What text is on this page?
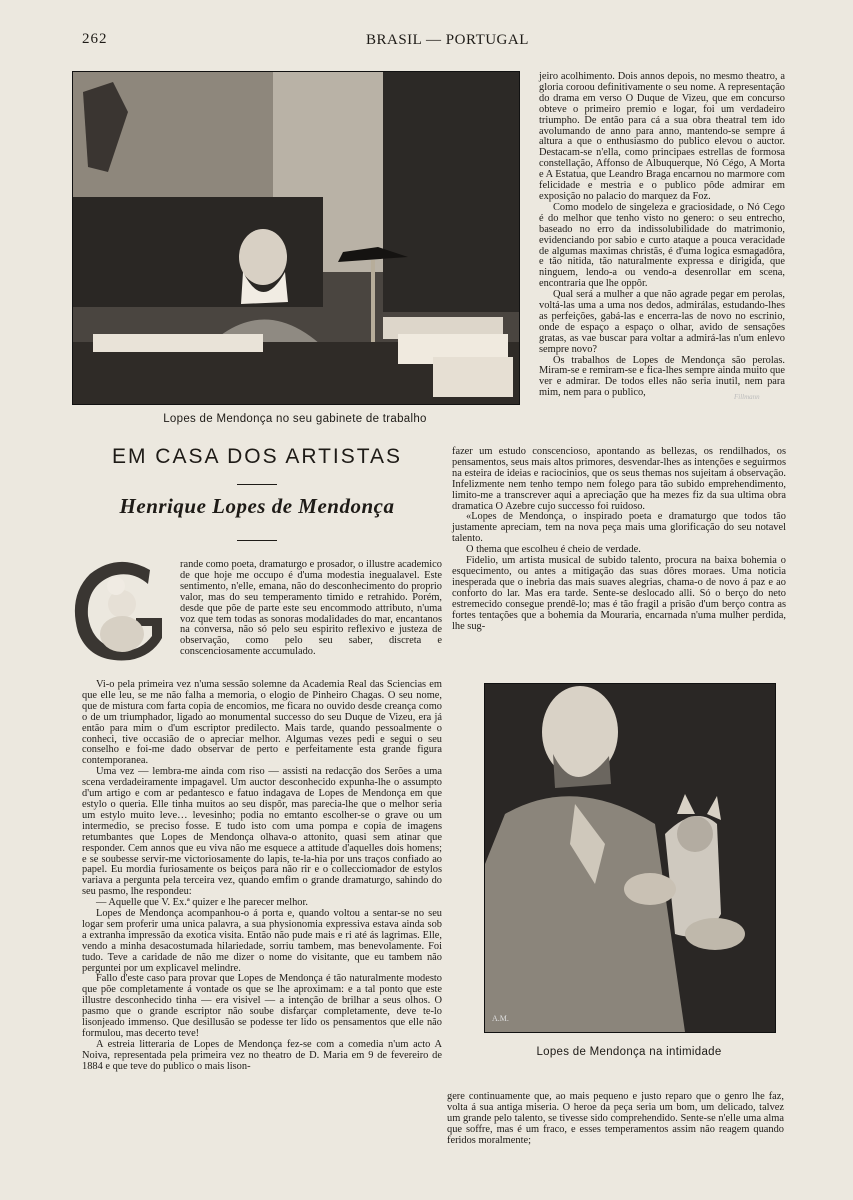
262	BRASIL — PORTUGAL
Fillmann
Lopes de Mendonça no seu gabinete de trabalho
EM CASA DOS ARTISTAS
Henrique Lopes de Mendonça

rande como poeta, dramaturgo e prosador, o illustre academico de que hoje me occupo é d'uma modestia inegualavel. Este sentimento, n'elle, emana, não do desconhecimento do proprio valor, mas do seu temperamento timido e retrahido. Porém, desde que põe de parte este seu encommodo attributo, n'uma voz que tem todas as sonoras modalidades do mar, encantanos na conversa, não só pelo seu espirito reflexivo e justeza de observação, como pelo seu saber, discreta e conscenciosamente accumulado.

Vi-o pela primeira vez n'uma sessão solemne da Academia Real das Sciencias em que elle leu, se me não falha a memoria, o elogio de Pinheiro Chagas. O seu nome, que de mistura com farta copia de encomios, me ficara no ouvido desde creança como o de um triumphador, ligado ao monumental successo do seu Duque de Vizeu, era já então para mim o d'um escriptor predilecto. Mais tarde, quando pessoalmente o conheci, tive occasião de o apreciar melhor. Algumas vezes pedi e segui o seu conselho e foi-me dado observar de perto e perfeitamente esta grande figura contemporanea.

Uma vez — lembra-me ainda com riso — assisti na redacção dos Serões a uma scena verdadeiramente impagavel. Um auctor desconhecido expunha-lhe o assumpto d'um artigo e com ar pedantesco e fatuo indagava de Lopes de Mendonça em que estylo o queria. Elle tinha muitos ao seu dispôr, mas parecia-lhe que o melhor seria um estylo muito leve… levesinho; podia no emtanto escolher-se o grave ou um intermedio, se preciso fosse. E tudo isto com uma pompa e copia de imagens retumbantes que Lopes de Mendonça olhava-o attonito, quasi sem atinar que responder. Cem annos que eu viva não me esquece a attitude d'aquelles dois homens; e se soubesse servir-me victoriosamente do lapis, te-la-hia por uns traços confiado ao papel. Eu mordia furiosamente os beiços para não rir e o collecciomador de estylos variava a pergunta pela terceira vez, quando emfim o grande dramaturgo, sahindo do seu pasmo, lhe respondeu:

— Aquelle que V. Ex.ª quizer e lhe parecer melhor.

Lopes de Mendonça acompanhou-o á porta e, quando voltou a sentar-se no seu logar sem proferir uma unica palavra, a sua physionomia expressiva estava ainda sob a extranha impressão da exotica visita. Então não pude mais e ri até ás lagrimas. Elle, vendo a minha desacostumada hilariedade, sorriu tambem, mas benevolamente. Foi tudo. Teve a caridade de não me dizer o nome do visitante, que eu tambem não perguntei por um explicavel melindre.

Fallo d'este caso para provar que Lopes de Mendonça é tão naturalmente modesto que põe completamente á vontade os que se lhe aproximam: e a tal ponto que este illustre desconhecido tinha — era visivel — a intenção de brilhar a seus olhos. O pasmo que o grande escriptor não soube disfarçar completamente, deve te-lo lisonjeado immenso. Que desillusão se podesse ter lido os pensamentos que elle não formulou, mas decerto teve!

A estreia litteraria de Lopes de Mendonça fez-se com a comedia n'um acto A Noiva, representada pela primeira vez no theatro de D. Maria em 9 de fevereiro de 1884 e que teve do publico o mais lison-

jeiro acolhimento. Dois annos depois, no mesmo theatro, a gloria coroou definitivamente o seu nome. A representação do drama em verso O Duque de Vizeu, que em concurso obteve o primeiro premio e logar, foi um verdadeiro triumpho. De então para cá a sua obra theatral tem ido avolumando de anno para anno, mantendo-se sempre á altura a que o enthusiasmo do publico elevou o auctor. Destacam-se n'ella, como principaes estrellas de formosa constellação, Affonso de Albuquerque, Nó Cégo, A Morta e A Estatua, que Leandro Braga encarnou no marmore com felicidade e mestria e o publico pôde admirar em exposição no palacio do marquez da Foz.

Como modelo de singeleza e graciosidade, o Nó Cego é do melhor que tenho visto no genero: o seu entrecho, baseado no erro da indissolubilidade do matrimonio, evidenciando por sabio e curto ataque a pouca veracidade de algumas maximas christãs, é d'uma logica esmagadôra, e tão nitida, tão naturalmente expressa e dirigida, que ninguem, lendo-a ou vendo-a desenrollar em scena, encontraria que lhe oppôr.

Qual será a mulher a que não agrade pegar em perolas, voltá-las uma a uma nos dedos, admirálas, estudando-lhes as perfeições, gabá-las e encerra-las de novo no escrinio, onde de espaço a espaço o olhar, avido de sensações gratas, as vae buscar para voltar a admirá-las n'um enlevo sempre novo?

Os trabalhos de Lopes de Mendonça são perolas. Miram-se e remiram-se e fica-lhes sempre ainda muito que ver e admirar. De todos elles não seria inutil, nem para mim, nem para o publico,

fazer um estudo conscencioso, apontando as bellezas, os rendilhados, os pensamentos, seus mais altos primores, desvendar-lhes as intenções e seguirmos na esteira de ideias e raciocinios, que os seus themas nos sujeitam á observação. Infelizmente nem tenho tempo nem folego para tão subido emprehendimento, limito-me a transcrever aqui a apreciação que ha mezes fiz da sua ultima obra dramatica O Azebre cujo successo foi ruidoso.

«Lopes de Mendonça, o inspirado poeta e dramaturgo que todos tão justamente apreciam, tem na nova peça mais uma glorificação do seu notavel talento.

O thema que escolheu é cheio de verdade.

Fidelio, um artista musical de subido talento, procura na baixa bohemia o esquecimento, ou antes a mitigação das suas dôres moraes. Uma noticia inesperada que o inebria das mais suaves alegrias, chama-o de novo á paz e ao conforto do lar. Mas era tarde. Sente-se deslocado alli. Só o berço do neto estremecido consegue prendê-lo; mas é tão fragil a prisão d'um berço contra as fortes tentações que a bohemia da Mouraria, encarnada n'uma mulher perdida, lhe sug-

A.M.
Lopes de Mendonça na intimidade

gere continuamente que, ao mais pequeno e justo reparo que o genro lhe faz, volta á sua antiga miseria. O heroe da peça seria um bom, um delicado, talvez um grande pelo talento, se tivesse sido comprehendido. Sente-se n'elle uma alma que soffre, mas é um fraco, e esses temperamentos assim não reagem quando feridos moralmente;
